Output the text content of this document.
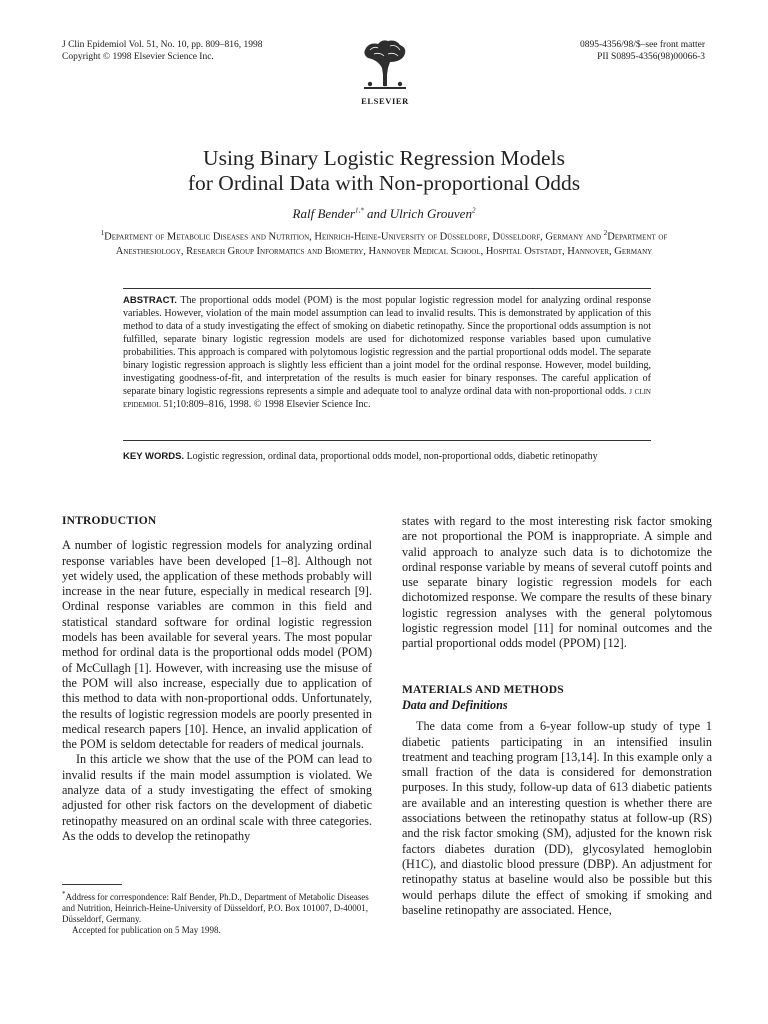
J Clin Epidemiol Vol. 51, No. 10, pp. 809–816, 1998
Copyright © 1998 Elsevier Science Inc.
ELSEVIER
0895-4356/98/$–see front matter
PII S0895-4356(98)00066-3
Using Binary Logistic Regression Models
for Ordinal Data with Non-proportional Odds
Ralf Bender$^{1,*}$ and Ulrich Grouven$^2$
$^1$Department of Metabolic Diseases and Nutrition, Heinrich-Heine-University of Düsseldorf, Düsseldorf, Germany and $^2$Department of Anesthesiology, Research Group Informatics and Biometry, Hannover Medical School, Hospital Oststadt, Hannover, Germany
ABSTRACT. The proportional odds model (POM) is the most popular logistic regression model for analyzing ordinal response variables. However, violation of the main model assumption can lead to invalid results. This is demonstrated by application of this method to data of a study investigating the effect of smoking on diabetic retinopathy. Since the proportional odds assumption is not fulfilled, separate binary logistic regression models are used for dichotomized response variables based upon cumulative probabilities. This approach is compared with polytomous logistic regression and the partial proportional odds model. The separate binary logistic regression approach is slightly less efficient than a joint model for the ordinal response. However, model building, investigating goodness-of-fit, and interpretation of the results is much easier for binary responses. The careful application of separate binary logistic regressions represents a simple and adequate tool to analyze ordinal data with non-proportional odds. j clin epidemiol 51;10:809–816, 1998. © 1998 Elsevier Science Inc.
KEY WORDS. Logistic regression, ordinal data, proportional odds model, non-proportional odds, diabetic retinopathy
INTRODUCTION

A number of logistic regression models for analyzing ordinal response variables have been developed [1–8]. Although not yet widely used, the application of these methods probably will increase in the near future, especially in medical research [9]. Ordinal response variables are common in this field and statistical standard software for ordinal logistic regression models has been available for several years. The most popular method for ordinal data is the proportional odds model (POM) of McCullagh [1]. However, with increasing use the misuse of the POM will also increase, especially due to application of this method to data with non-proportional odds. Unfortunately, the results of logistic regression models are poorly presented in medical research papers [10]. Hence, an invalid application of the POM is seldom detectable for readers of medical journals.

In this article we show that the use of the POM can lead to invalid results if the main model assumption is violated. We analyze data of a study investigating the effect of smoking adjusted for other risk factors on the development of diabetic retinopathy measured on an ordinal scale with three categories. As the odds to develop the retinopathy

states with regard to the most interesting risk factor smoking are not proportional the POM is inappropriate. A simple and valid approach to analyze such data is to dichotomize the ordinal response variable by means of several cutoff points and use separate binary logistic regression models for each dichotomized response. We compare the results of these binary logistic regression analyses with the general polytomous logistic regression model [11] for nominal outcomes and the partial proportional odds model (PPOM) [12].

MATERIALS AND METHODS
Data and Definitions

The data come from a 6-year follow-up study of type 1 diabetic patients participating in an intensified insulin treatment and teaching program [13,14]. In this example only a small fraction of the data is considered for demonstration purposes. In this study, follow-up data of 613 diabetic patients are available and an interesting question is whether there are associations between the retinopathy status at follow-up (RS) and the risk factor smoking (SM), adjusted for the known risk factors diabetes duration (DD), glycosylated hemoglobin (H1C), and diastolic blood pressure (DBP). An adjustment for retinopathy status at baseline would also be possible but this would perhaps dilute the effect of smoking if smoking and baseline retinopathy are associated. Hence,

*Address for correspondence: Ralf Bender, Ph.D., Department of Metabolic Diseases and Nutrition, Heinrich-Heine-University of Düsseldorf, P.O. Box 101007, D-40001, Düsseldorf, Germany.

Accepted for publication on 5 May 1998.
